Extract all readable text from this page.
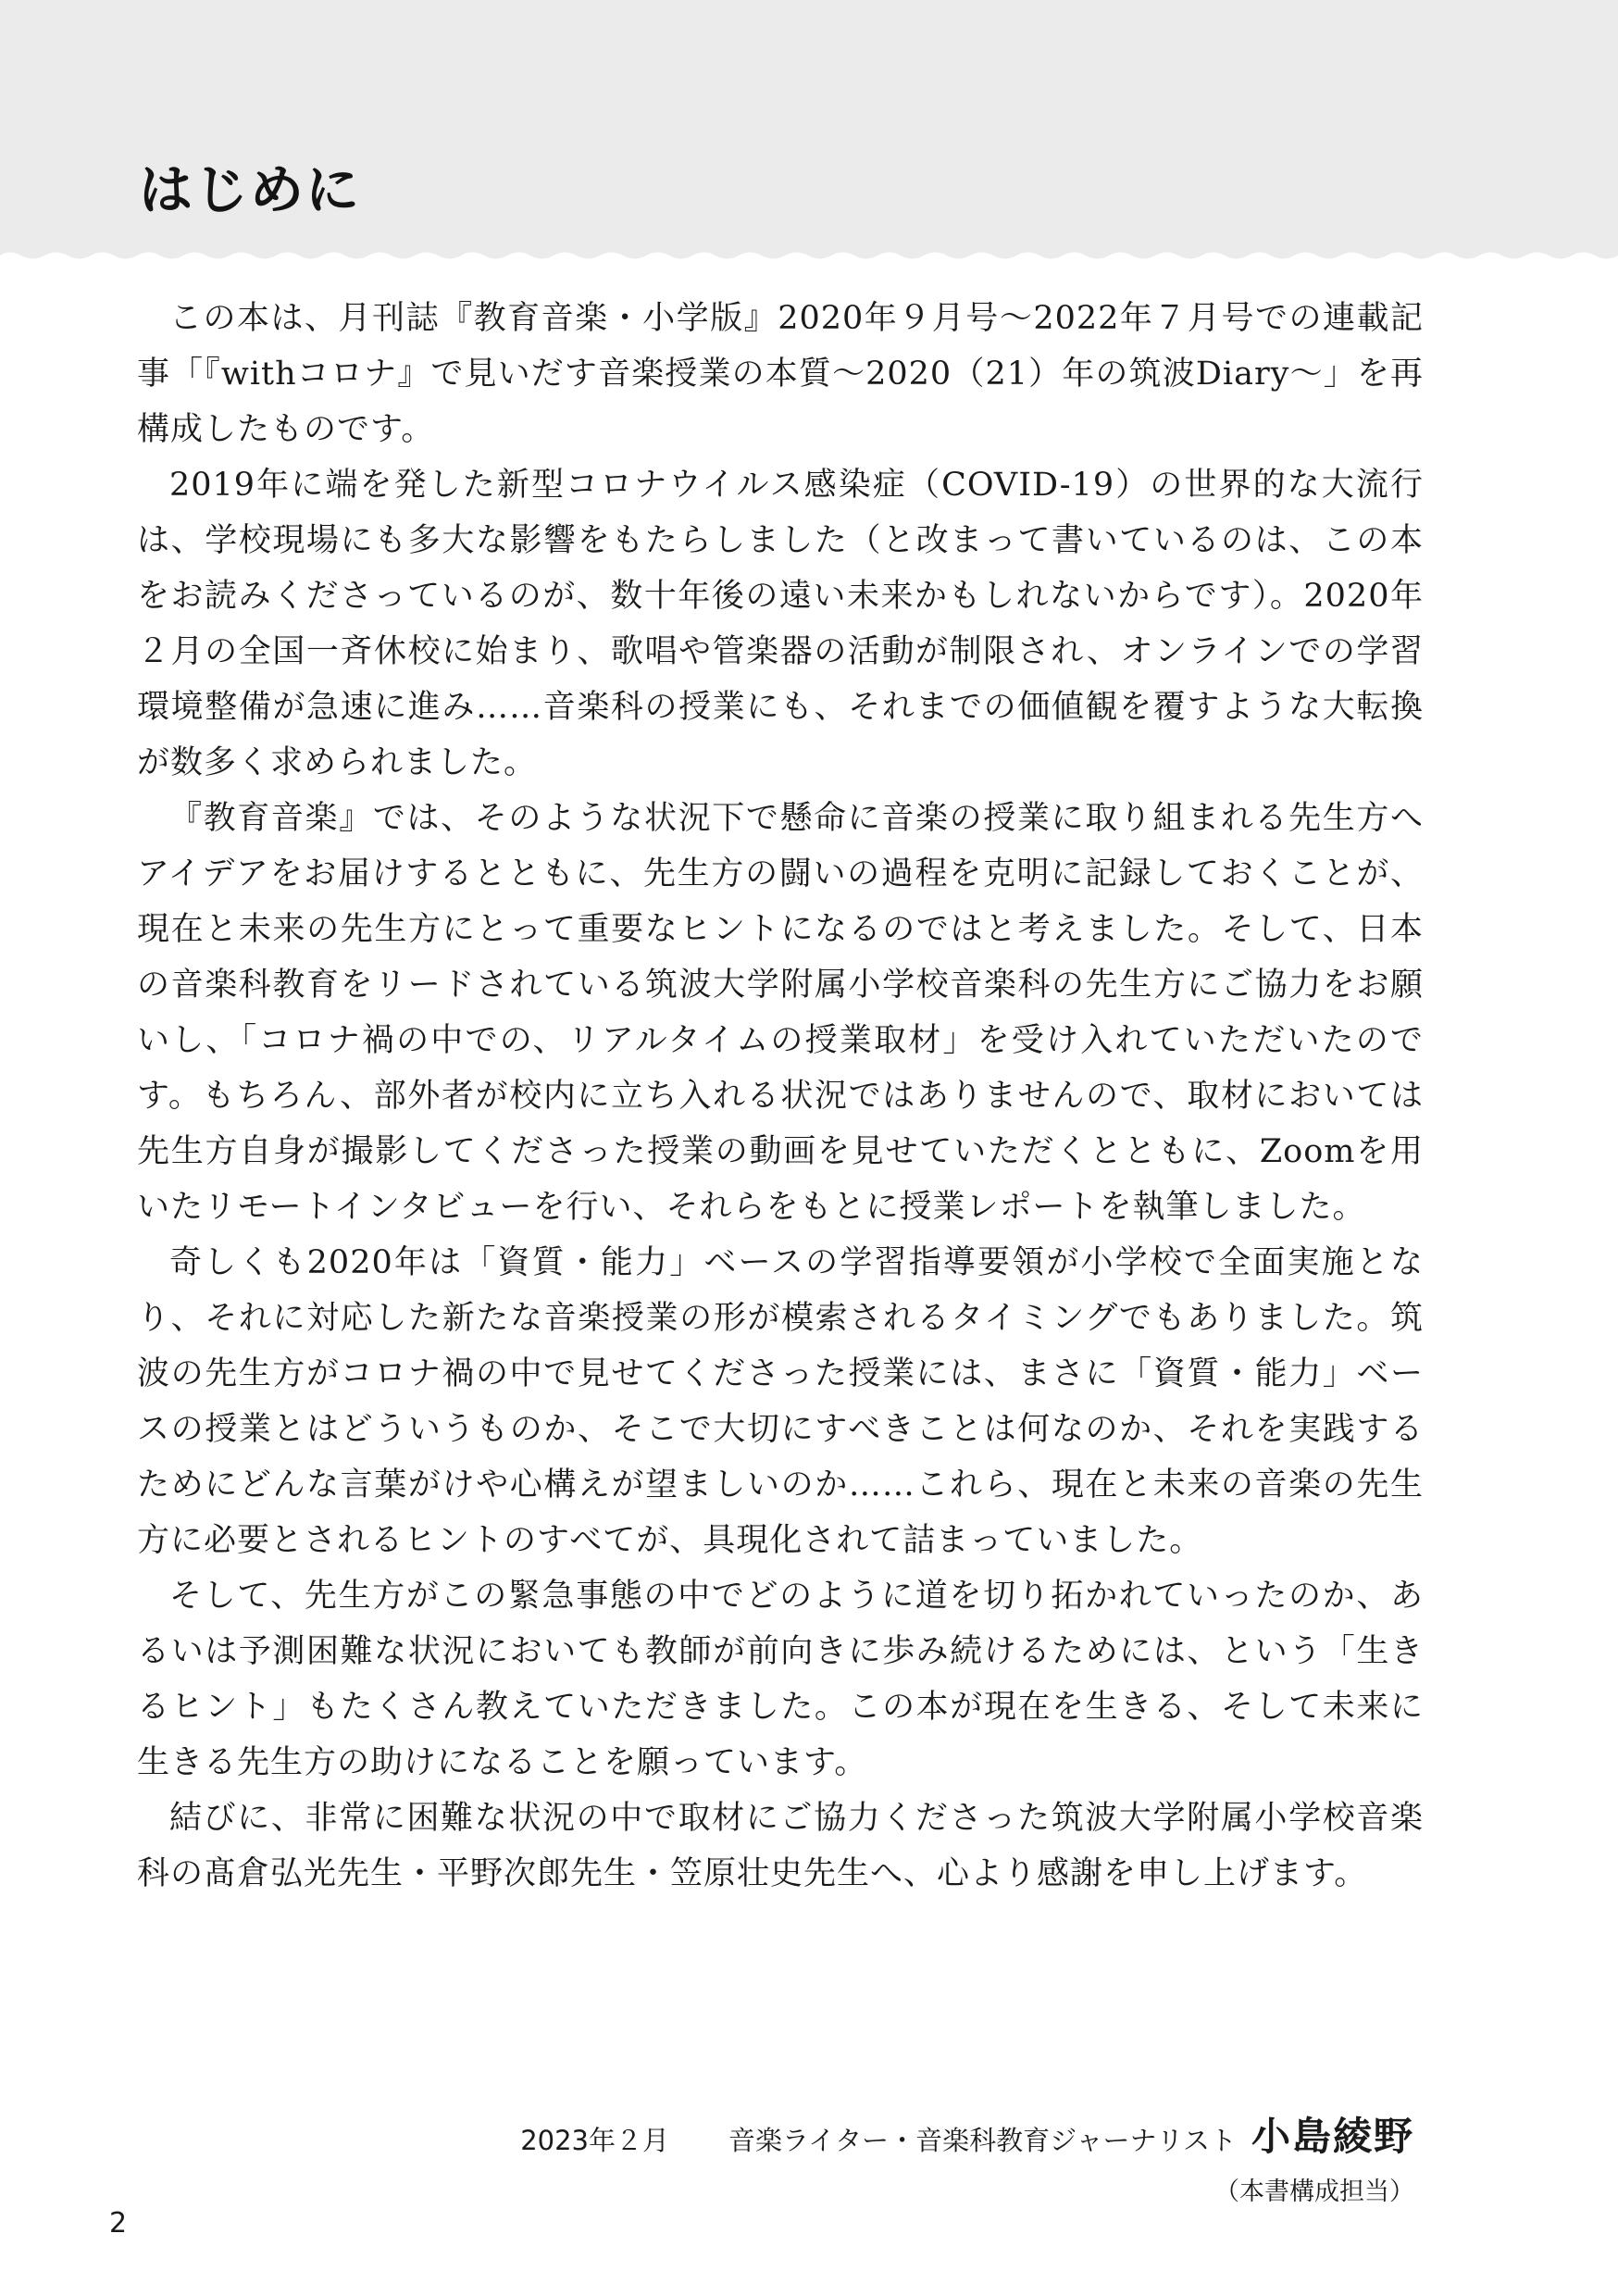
はじめに

この本は、月刊誌『教育音楽・小学版』2020年９月号〜2022年７月号での連載記事「『withコロナ』で見いだす音楽授業の本質〜2020（21）年の筑波Diary〜」を再構成したものです。

2019年に端を発した新型コロナウイルス感染症（COVID-19）の世界的な大流行は、学校現場にも多大な影響をもたらしました（と改まって書いているのは、この本をお読みくださっているのが、数十年後の遠い未来かもしれないからです）。2020年２月の全国一斉休校に始まり、歌唱や管楽器の活動が制限され、オンラインでの学習環境整備が急速に進み……音楽科の授業にも、それまでの価値観を覆すような大転換が数多く求められました。

『教育音楽』では、そのような状況下で懸命に音楽の授業に取り組まれる先生方へアイデアをお届けするとともに、先生方の闘いの過程を克明に記録しておくことが、現在と未来の先生方にとって重要なヒントになるのではと考えました。そして、日本の音楽科教育をリードされている筑波大学附属小学校音楽科の先生方にご協力をお願いし、「コロナ禍の中での、リアルタイムの授業取材」を受け入れていただいたのです。もちろん、部外者が校内に立ち入れる状況ではありませんので、取材においては先生方自身が撮影してくださった授業の動画を見せていただくとともに、Zoomを用いたリモートインタビューを行い、それらをもとに授業レポートを執筆しました。

奇しくも2020年は「資質・能力」ベースの学習指導要領が小学校で全面実施となり、それに対応した新たな音楽授業の形が模索されるタイミングでもありました。筑波の先生方がコロナ禍の中で見せてくださった授業には、まさに「資質・能力」ベースの授業とはどういうものか、そこで大切にすべきことは何なのか、それを実践するためにどんな言葉がけや心構えが望ましいのか……これら、現在と未来の音楽の先生方に必要とされるヒントのすべてが、具現化されて詰まっていました。

そして、先生方がこの緊急事態の中でどのように道を切り拓かれていったのか、あるいは予測困難な状況においても教師が前向きに歩み続けるためには、という「生きるヒント」もたくさん教えていただきました。この本が現在を生きる、そして未来に生きる先生方の助けになることを願っています。

結びに、非常に困難な状況の中で取材にご協力くださった筑波大学附属小学校音楽科の髙倉弘光先生・平野次郎先生・笠原壮史先生へ、心より感謝を申し上げます。

2023年２月 音楽ライター・音楽科教育ジャーナリスト 小島綾野
（本書構成担当）
2
